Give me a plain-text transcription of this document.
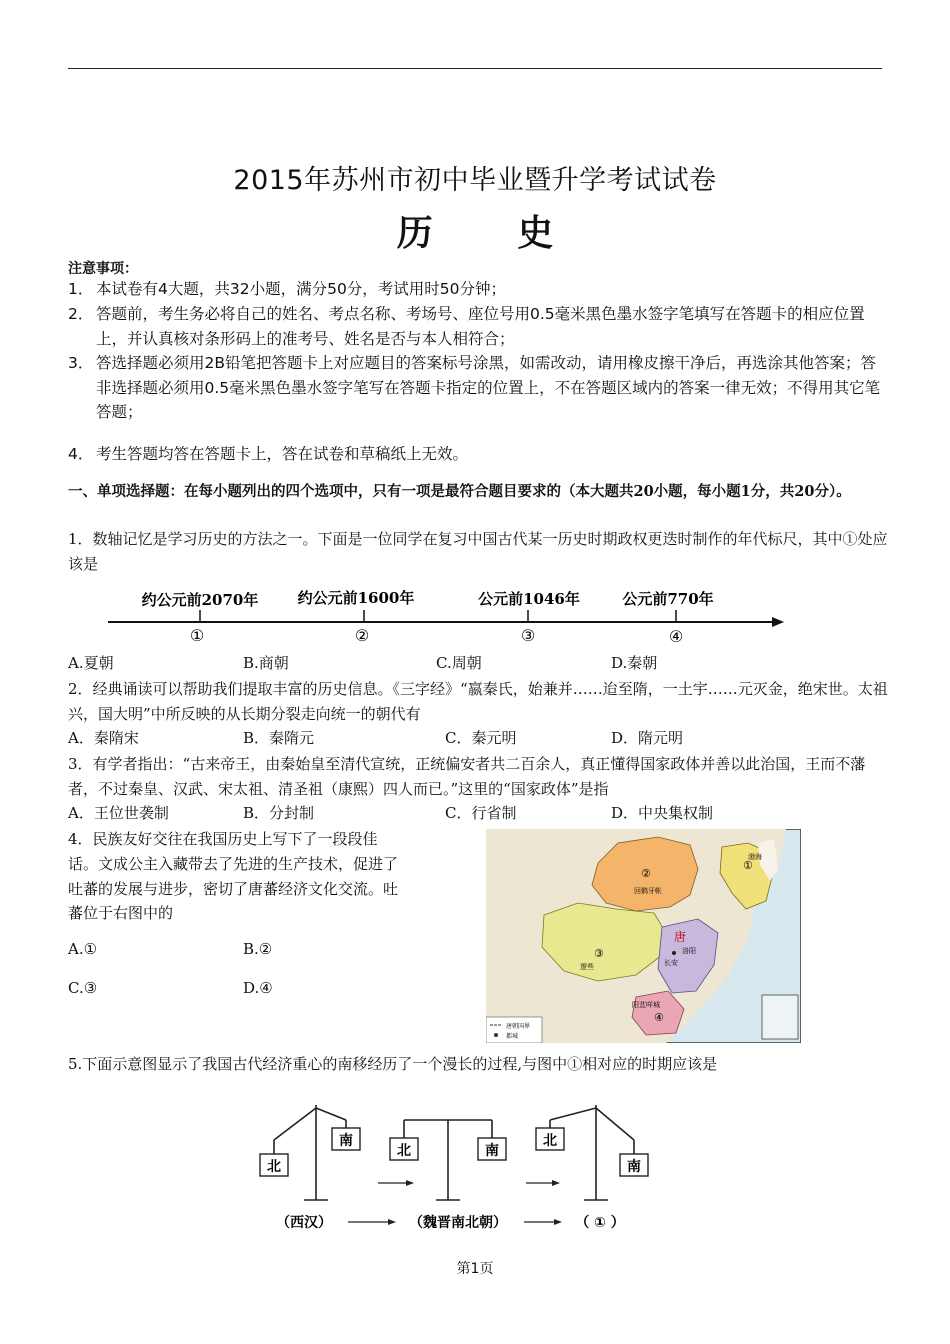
2015年苏州市初中毕业暨升学考试试卷
历 史
注意事项：
1． 本试卷有4大题，共32小题，满分50分，考试用时50分钟；
2． 答题前，考生务必将自己的姓名、考点名称、考场号、座位号用0.5毫米黑色墨水签字笔填写在答题卡的相应位置上，并认真核对条形码上的准考号、姓名是否与本人相符合；
3． 答选择题必须用2B铅笔把答题卡上对应题目的答案标号涂黑，如需改动，请用橡皮擦干净后，再选涂其他答案；答非选择题必须用0.5毫米黑色墨水签字笔写在答题卡指定的位置上，不在答题区域内的答案一律无效；不得用其它笔答题；
4． 考生答题均答在答题卡上，答在试卷和草稿纸上无效。
一、单项选择题：在每小题列出的四个选项中，只有一项是最符合题目要求的（本大题共20小题，每小题1分，共20分）。
1．数轴记忆是学习历史的方法之一。下面是一位同学在复习中国古代某一历史时期政权更迭时制作的年代标尺，其中①处应该是
约公元前2070年	约公元前1600年	公元前1046年	公元前770年
①	②	③	④
A.夏朝	B.商朝	C.周朝	D.秦朝
2．经典诵读可以帮助我们提取丰富的历史信息。《三字经》“嬴秦氏，始兼并……迨至隋，一土宇……元灭金，绝宋世。太祖兴，国大明”中所反映的从长期分裂走向统一的朝代有
A．秦隋宋	B．秦隋元	C．秦元明	D．隋元明
3．有学者指出：“古来帝王，由秦始皇至清代宣统，正统偏安者共二百余人，真正懂得国家政体并善以此治国，王而不藩者，不过秦皇、汉武、宋太祖、清圣祖（康熙）四人而已。”这里的“国家政体”是指
A．王位世袭制	B．分封制	C．行省制	D．中央集权制
4．民族友好交往在我国历史上写下了一段段佳话。文成公主入藏带去了先进的生产技术，促进了吐蕃的发展与进步，密切了唐蕃经济文化交流。吐蕃位于右图中的
A.①	B.②
C.③	D.④
唐朝国界
都城
唐
①
②
③
④
回鹘牙帐
逻些	长安
洛阳
阳苴咩城
渤海
5.下面示意图显示了我国古代经济重心的南移经历了一个漫长的过程,与图中①相对应的时期应该是
北
南
北	南
北
南
（西汉）	（魏晋南北朝）	（ ① ）
第1页
